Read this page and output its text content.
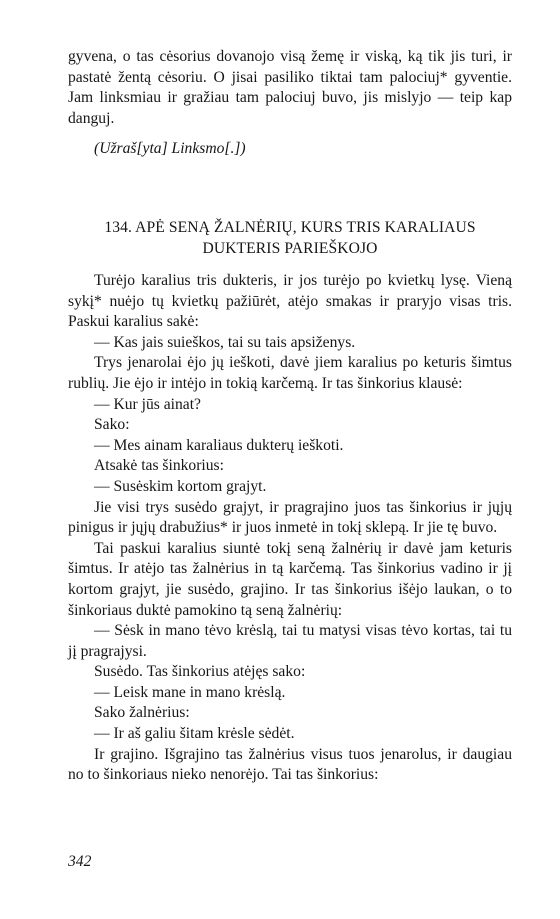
gyvena, o tas cėsorius dovanojo visą žemę ir viską, ką tik jis turi, ir pastatė žentą cėsoriu. O jisai pasiliko tiktai tam palociuj* gyventie. Jam linksmiau ir gražiau tam palociuj buvo, jis mislyjo — teip kap danguj.

(Užraš[yta] Linksmo[.])

134. APĖ SENĄ ŽALNĖRIŲ, KURS TRIS KARALIAUS
DUKTERIS PARIEŠKOJO

Turėjo karalius tris dukteris, ir jos turėjo po kvietkų lysę. Vieną sykį* nuėjo tų kvietkų pažiūrėt, atėjo smakas ir praryjo visas tris. Paskui karalius sakė:

— Kas jais suieškos, tai su tais apsiženys.

Trys jenarolai ėjo jų ieškoti, davė jiem karalius po keturis šimtus rublių. Jie ėjo ir intėjo in tokią karčemą. Ir tas šinkorius klausė:

— Kur jūs ainat?

Sako:

— Mes ainam karaliaus dukterų ieškoti.

Atsakė tas šinkorius:

— Susėskim kortom grajyt.

Jie visi trys susėdo grajyt, ir pragrajino juos tas šinkorius ir jųjų pinigus ir jųjų drabužius* ir juos inmetė in tokį sklepą. Ir jie tę buvo.

Tai paskui karalius siuntė tokį seną žalnėrių ir davė jam keturis šimtus. Ir atėjo tas žalnėrius in tą karčemą. Tas šinkorius vadino ir jį kortom grajyt, jie susėdo, grajino. Ir tas šinkorius išėjo laukan, o to šinkoriaus duktė pamokino tą seną žalnėrių:

— Sėsk in mano tėvo krėslą, tai tu matysi visas tėvo kortas, tai tu jį pragrajysi.

Susėdo. Tas šinkorius atėjęs sako:

— Leisk mane in mano krėslą.

Sako žalnėrius:

— Ir aš galiu šitam krėsle sėdėt.

Ir grajino. Išgrajino tas žalnėrius visus tuos jenarolus, ir daugiau no to šinkoriaus nieko nenorėjo. Tai tas šinkorius:

342
